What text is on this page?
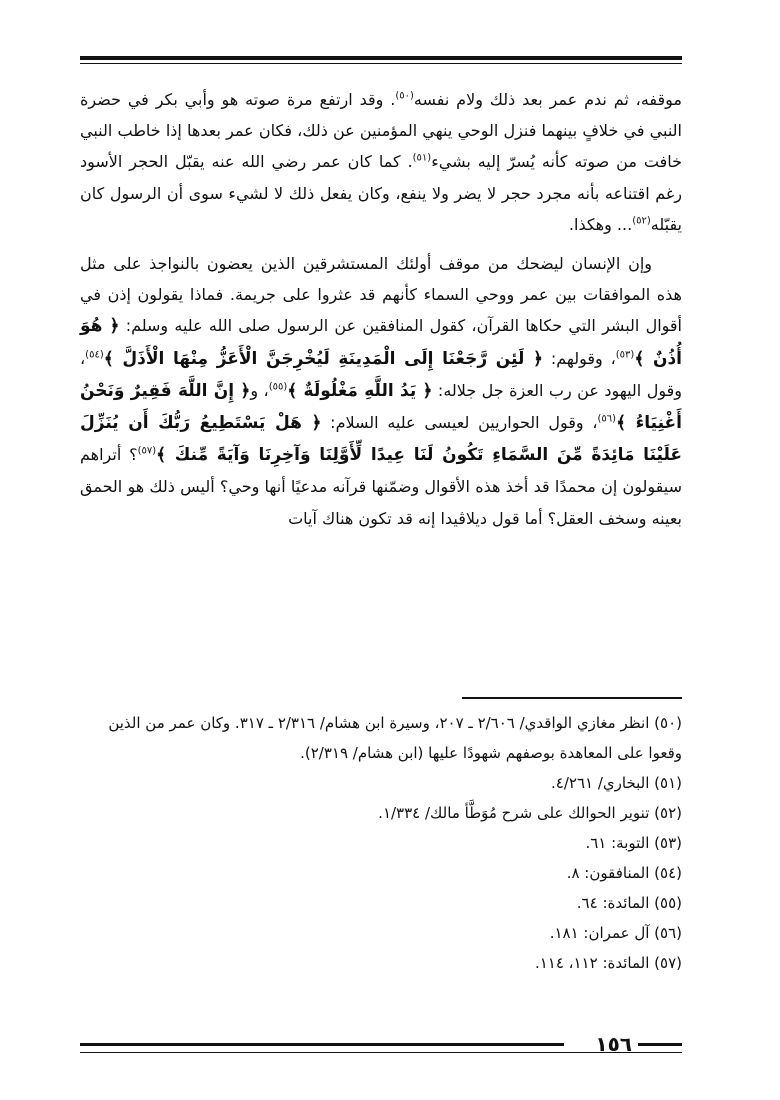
موقفه، ثم ندم عمر بعد ذلك ولام نفسه$^{(٥٠)}$. وقد ارتفع مرة صوته هو وأبي بكر في حضرة النبي في خلافٍ بينهما فنزل الوحي ينهي المؤمنين عن ذلك، فكان عمر بعدها إذا خاطب النبي خافت من صوته كأنه يُسرّ إليه بشيء$^{(٥١)}$. كما كان عمر رضي الله عنه يقبّل الحجر الأسود رغم اقتناعه بأنه مجرد حجر لا يضر ولا ينفع، وكان يفعل ذلك لا لشيء سوى أن الرسول كان يقبّله$^{(٥٢)}$... وهكذا.

وإن الإنسان ليضحك من موقف أولئك المستشرقين الذين يعضون بالنواجذ على مثل هذه الموافقات بين عمر ووحي السماء كأنهم قد عثروا على جريمة. فماذا يقولون إذن في أقوال البشر التي حكاها القرآن، كقول المنافقين عن الرسول صلى الله عليه وسلم: ﴿ هُوَ أُذُنٌ ﴾$^{(٥٣)}$، وقولهم: ﴿ لَئِن رَّجَعْنَا إِلَى الْمَدِينَةِ لَيُخْرِجَنَّ الْأَعَزُّ مِنْهَا الْأَذَلَّ ﴾$^{(٥٤)}$، وقول اليهود عن رب العزة جل جلاله: ﴿ يَدُ اللَّهِ مَغْلُولَةٌ ﴾$^{(٥٥)}$، و﴿ إِنَّ اللَّهَ فَقِيرٌ وَنَحْنُ أَغْنِيَاءُ ﴾$^{(٥٦)}$، وقول الحواريين لعيسى عليه السلام: ﴿ هَلْ يَسْتَطِيعُ رَبُّكَ أَن يُنَزِّلَ عَلَيْنَا مَائِدَةً مِّنَ السَّمَاءِ تَكُونُ لَنَا عِيدًا لِّأَوَّلِنَا وَآخِرِنَا وَآيَةً مِّنكَ ﴾$^{(٥٧)}$؟ أتراهم سيقولون إن محمدًا قد أخذ هذه الأقوال وضمّنها قرآنه مدعيًا أنها وحي؟ أليس ذلك هو الحمق بعينه وسخف العقل؟ أما قول ديلاڤيدا إنه قد تكون هناك آيات

(٥٠) انظر مغازي الواقدي/ ٢/٦٠٦ ـ ٢٠٧، وسيرة ابن هشام/ ٢/٣١٦ ـ ٣١٧. وكان عمر من الذين وقعوا على المعاهدة بوصفهم شهودًا عليها (ابن هشام/ ٢/٣١٩).
(٥١) البخاري/ ٤/٢٦١.
(٥٢) تنوير الحوالك على شرح مُوَطَّأ مالك/ ١/٣٣٤.
(٥٣) التوبة: ٦١.
(٥٤) المنافقون: ٨.
(٥٥) المائدة: ٦٤.
(٥٦) آل عمران: ١٨١.
(٥٧) المائدة: ١١٢، ١١٤.
١٥٦
